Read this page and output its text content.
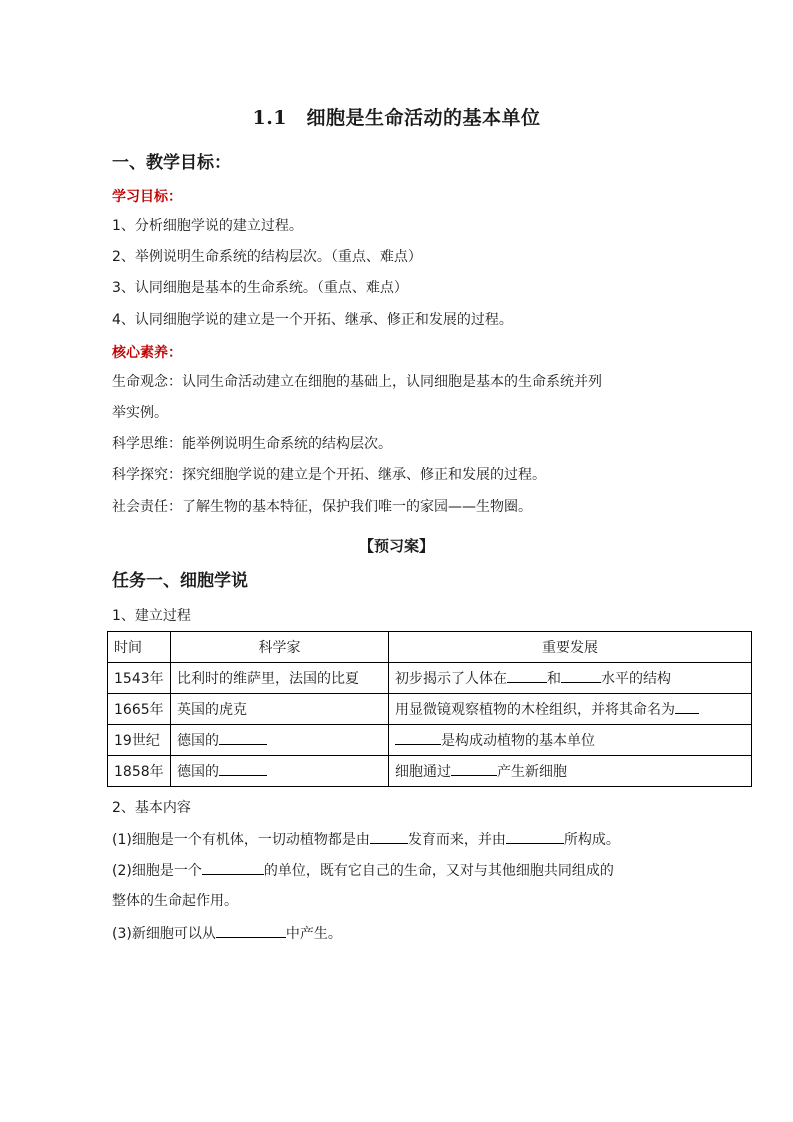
1.1　细胞是生命活动的基本单位
一、教学目标：
学习目标：
1、分析细胞学说的建立过程。
2、举例说明生命系统的结构层次。（重点、难点）
3、认同细胞是基本的生命系统。（重点、难点）
4、认同细胞学说的建立是一个开拓、继承、修正和发展的过程。
核心素养：
生命观念：认同生命活动建立在细胞的基础上，认同细胞是基本的生命系统并列
举实例。
科学思维：能举例说明生命系统的结构层次。
科学探究：探究细胞学说的建立是个开拓、继承、修正和发展的过程。
社会责任：了解生物的基本特征，保护我们唯一的家园——生物圈。
【预习案】
任务一、细胞学说
1、建立过程
时间	科学家	重要发展
1543年	比利时的维萨里，法国的比夏	初步揭示了人体在 和 水平的结构
1665年	英国的虎克	用显微镜观察植物的木栓组织，并将其命名为
19世纪	德国的	是构成动植物的基本单位
1858年	德国的	细胞通过 产生新细胞
2、基本内容
(1)细胞是一个有机体，一切动植物都是由	发育而来，并由	所构成。
(2)细胞是一个	的单位，既有它自己的生命，又对与其他细胞共同组成的
整体的生命起作用。
(3)新细胞可以从	中产生。
